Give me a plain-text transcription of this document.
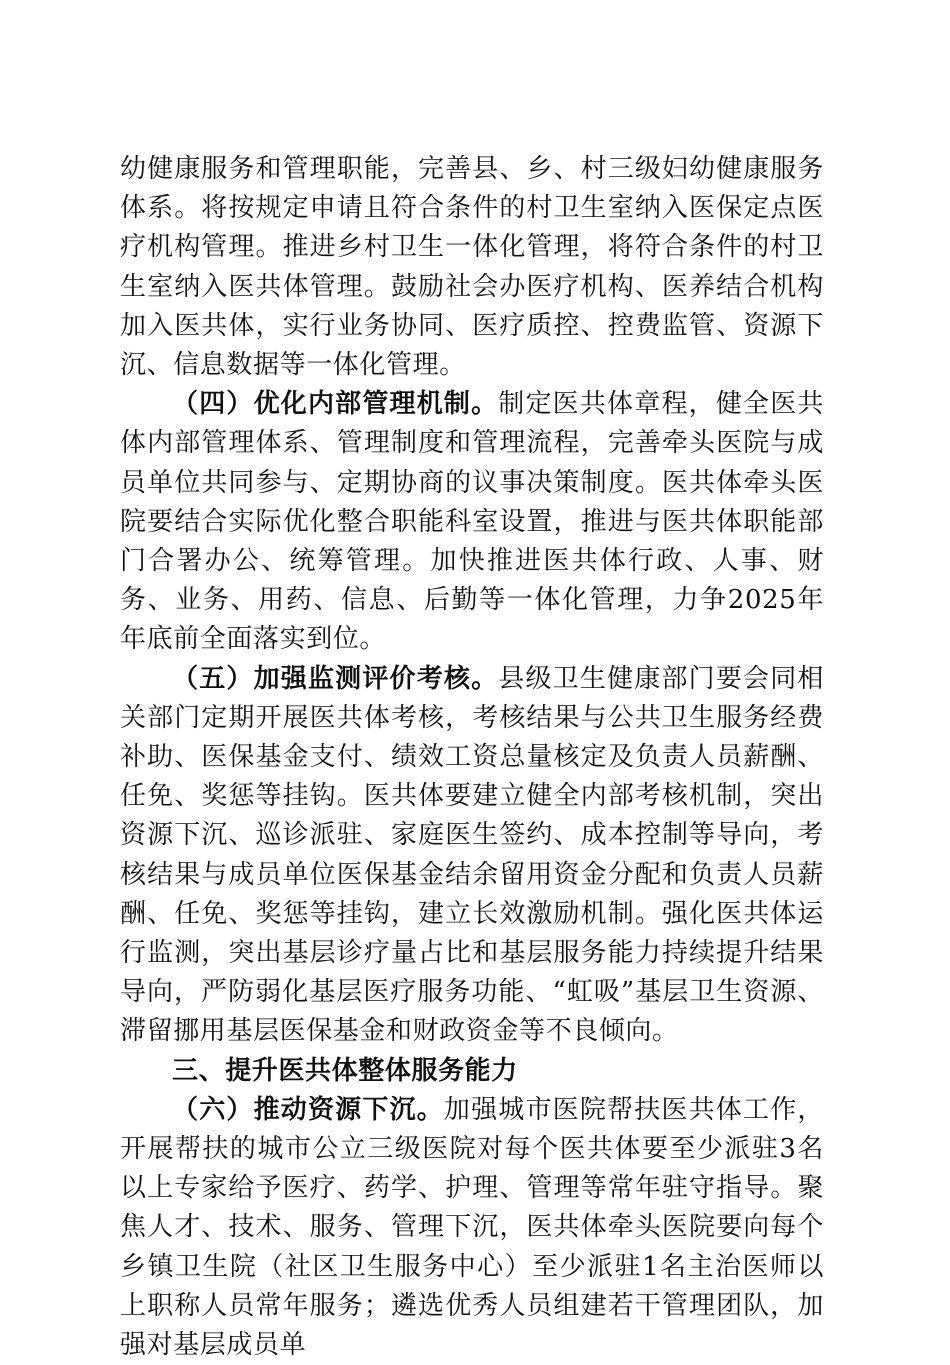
幼健康服务和管理职能，完善县、乡、村三级妇幼健康服务体系。将按规定申请且符合条件的村卫生室纳入医保定点医疗机构管理。推进乡村卫生一体化管理，将符合条件的村卫生室纳入医共体管理。鼓励社会办医疗机构、医养结合机构加入医共体，实行业务协同、医疗质控、控费监管、资源下沉、信息数据等一体化管理。

（四）优化内部管理机制。制定医共体章程，健全医共体内部管理体系、管理制度和管理流程，完善牵头医院与成员单位共同参与、定期协商的议事决策制度。医共体牵头医院要结合实际优化整合职能科室设置，推进与医共体职能部门合署办公、统筹管理。加快推进医共体行政、人事、财务、业务、用药、信息、后勤等一体化管理，力争2025年年底前全面落实到位。

（五）加强监测评价考核。县级卫生健康部门要会同相关部门定期开展医共体考核，考核结果与公共卫生服务经费补助、医保基金支付、绩效工资总量核定及负责人员薪酬、任免、奖惩等挂钩。医共体要建立健全内部考核机制，突出资源下沉、巡诊派驻、家庭医生签约、成本控制等导向，考核结果与成员单位医保基金结余留用资金分配和负责人员薪酬、任免、奖惩等挂钩，建立长效激励机制。强化医共体运行监测，突出基层诊疗量占比和基层服务能力持续提升结果导向，严防弱化基层医疗服务功能、“虹吸”基层卫生资源、滞留挪用基层医保基金和财政资金等不良倾向。

三、提升医共体整体服务能力

（六）推动资源下沉。加强城市医院帮扶医共体工作，开展帮扶的城市公立三级医院对每个医共体要至少派驻3名以上专家给予医疗、药学、护理、管理等常年驻守指导。聚焦人才、技术、服务、管理下沉，医共体牵头医院要向每个乡镇卫生院（社区卫生服务中心）至少派驻1名主治医师以上职称人员常年服务；遴选优秀人员组建若干管理团队，加强对基层成员单
